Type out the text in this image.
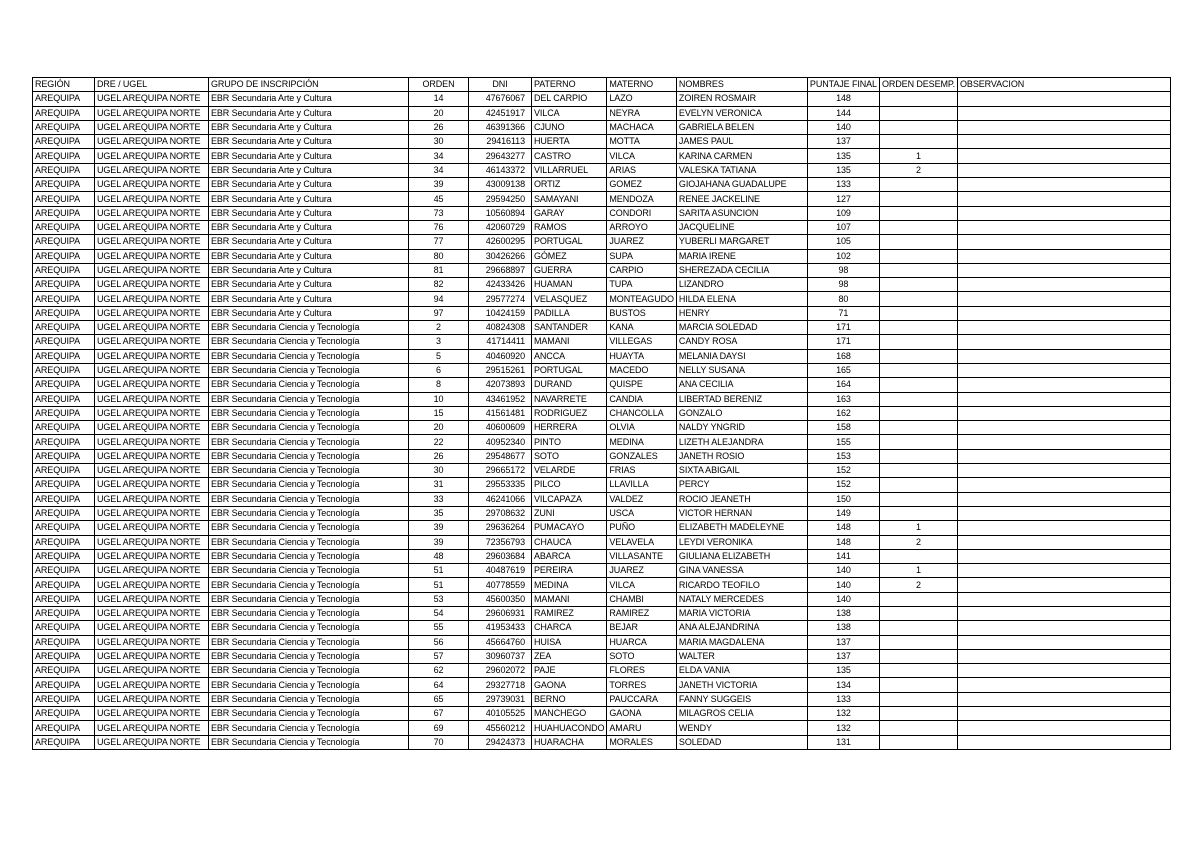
REGIÓN	DRE / UGEL	GRUPO DE INSCRIPCIÓN	ORDEN	DNI	PATERNO	MATERNO	NOMBRES	PUNTAJE FINAL	ORDEN DESEMP.	OBSERVACION
AREQUIPA	UGEL AREQUIPA NORTE	EBR Secundaria Arte y Cultura	14	47676067	DEL CARPIO	LAZO	ZOIREN ROSMAIR	148		
AREQUIPA	UGEL AREQUIPA NORTE	EBR Secundaria Arte y Cultura	20	42451917	VILCA	NEYRA	EVELYN VERONICA	144		
AREQUIPA	UGEL AREQUIPA NORTE	EBR Secundaria Arte y Cultura	26	46391366	CJUNO	MACHACA	GABRIELA BELEN	140		
AREQUIPA	UGEL AREQUIPA NORTE	EBR Secundaria Arte y Cultura	30	29416113	HUERTA	MOTTA	JAMES PAUL	137		
AREQUIPA	UGEL AREQUIPA NORTE	EBR Secundaria Arte y Cultura	34	29643277	CASTRO	VILCA	KARINA CARMEN	135	1	
AREQUIPA	UGEL AREQUIPA NORTE	EBR Secundaria Arte y Cultura	34	46143372	VILLARRUEL	ARIAS	VALESKA TATIANA	135	2	
AREQUIPA	UGEL AREQUIPA NORTE	EBR Secundaria Arte y Cultura	39	43009138	ORTIZ	GOMEZ	GIOJAHANA GUADALUPE	133		
AREQUIPA	UGEL AREQUIPA NORTE	EBR Secundaria Arte y Cultura	45	29594250	SAMAYANI	MENDOZA	RENEE JACKELINE	127		
AREQUIPA	UGEL AREQUIPA NORTE	EBR Secundaria Arte y Cultura	73	10560894	GARAY	CONDORI	SARITA ASUNCION	109		
AREQUIPA	UGEL AREQUIPA NORTE	EBR Secundaria Arte y Cultura	76	42060729	RAMOS	ARROYO	JACQUELINE	107		
AREQUIPA	UGEL AREQUIPA NORTE	EBR Secundaria Arte y Cultura	77	42600295	PORTUGAL	JUAREZ	YUBERLI MARGARET	105		
AREQUIPA	UGEL AREQUIPA NORTE	EBR Secundaria Arte y Cultura	80	30426266	GÓMEZ	SUPA	MARIA IRENE	102		
AREQUIPA	UGEL AREQUIPA NORTE	EBR Secundaria Arte y Cultura	81	29668897	GUERRA	CARPIO	SHEREZADA CECILIA	98		
AREQUIPA	UGEL AREQUIPA NORTE	EBR Secundaria Arte y Cultura	82	42433426	HUAMAN	TUPA	LIZANDRO	98		
AREQUIPA	UGEL AREQUIPA NORTE	EBR Secundaria Arte y Cultura	94	29577274	VELASQUEZ	MONTEAGUDO	HILDA ELENA	80		
AREQUIPA	UGEL AREQUIPA NORTE	EBR Secundaria Arte y Cultura	97	10424159	PADILLA	BUSTOS	HENRY	71		
AREQUIPA	UGEL AREQUIPA NORTE	EBR Secundaria Ciencia y Tecnología	2	40824308	SANTANDER	KANA	MARCIA SOLEDAD	171		
AREQUIPA	UGEL AREQUIPA NORTE	EBR Secundaria Ciencia y Tecnología	3	41714411	MAMANI	VILLEGAS	CANDY ROSA	171		
AREQUIPA	UGEL AREQUIPA NORTE	EBR Secundaria Ciencia y Tecnología	5	40460920	ANCCA	HUAYTA	MELANIA DAYSI	168		
AREQUIPA	UGEL AREQUIPA NORTE	EBR Secundaria Ciencia y Tecnología	6	29515261	PORTUGAL	MACEDO	NELLY SUSANA	165		
AREQUIPA	UGEL AREQUIPA NORTE	EBR Secundaria Ciencia y Tecnología	8	42073893	DURAND	QUISPE	ANA CECILIA	164		
AREQUIPA	UGEL AREQUIPA NORTE	EBR Secundaria Ciencia y Tecnología	10	43461952	NAVARRETE	CANDIA	LIBERTAD BERENIZ	163		
AREQUIPA	UGEL AREQUIPA NORTE	EBR Secundaria Ciencia y Tecnología	15	41561481	RODRIGUEZ	CHANCOLLA	GONZALO	162		
AREQUIPA	UGEL AREQUIPA NORTE	EBR Secundaria Ciencia y Tecnología	20	40600609	HERRERA	OLVIA	NALDY YNGRID	158		
AREQUIPA	UGEL AREQUIPA NORTE	EBR Secundaria Ciencia y Tecnología	22	40952340	PINTO	MEDINA	LIZETH ALEJANDRA	155		
AREQUIPA	UGEL AREQUIPA NORTE	EBR Secundaria Ciencia y Tecnología	26	29548677	SOTO	GONZALES	JANETH ROSIO	153		
AREQUIPA	UGEL AREQUIPA NORTE	EBR Secundaria Ciencia y Tecnología	30	29665172	VELARDE	FRIAS	SIXTA ABIGAIL	152		
AREQUIPA	UGEL AREQUIPA NORTE	EBR Secundaria Ciencia y Tecnología	31	29553335	PILCO	LLAVILLA	PERCY	152		
AREQUIPA	UGEL AREQUIPA NORTE	EBR Secundaria Ciencia y Tecnología	33	46241066	VILCAPAZA	VALDEZ	ROCIO JEANETH	150		
AREQUIPA	UGEL AREQUIPA NORTE	EBR Secundaria Ciencia y Tecnología	35	29708632	ZUNI	USCA	VICTOR HERNAN	149		
AREQUIPA	UGEL AREQUIPA NORTE	EBR Secundaria Ciencia y Tecnología	39	29636264	PUMACAYO	PUÑO	ELIZABETH MADELEYNE	148	1	
AREQUIPA	UGEL AREQUIPA NORTE	EBR Secundaria Ciencia y Tecnología	39	72356793	CHAUCA	VELAVELA	LEYDI VERONIKA	148	2	
AREQUIPA	UGEL AREQUIPA NORTE	EBR Secundaria Ciencia y Tecnología	48	29603684	ABARCA	VILLASANTE	GIULIANA ELIZABETH	141		
AREQUIPA	UGEL AREQUIPA NORTE	EBR Secundaria Ciencia y Tecnología	51	40487619	PEREIRA	JUAREZ	GINA VANESSA	140	1	
AREQUIPA	UGEL AREQUIPA NORTE	EBR Secundaria Ciencia y Tecnología	51	40778559	MEDINA	VILCA	RICARDO TEOFILO	140	2	
AREQUIPA	UGEL AREQUIPA NORTE	EBR Secundaria Ciencia y Tecnología	53	45600350	MAMANI	CHAMBI	NATALY MERCEDES	140		
AREQUIPA	UGEL AREQUIPA NORTE	EBR Secundaria Ciencia y Tecnología	54	29606931	RAMIREZ	RAMIREZ	MARIA VICTORIA	138		
AREQUIPA	UGEL AREQUIPA NORTE	EBR Secundaria Ciencia y Tecnología	55	41953433	CHARCA	BEJAR	ANA ALEJANDRINA	138		
AREQUIPA	UGEL AREQUIPA NORTE	EBR Secundaria Ciencia y Tecnología	56	45664760	HUISA	HUARCA	MARIA MAGDALENA	137		
AREQUIPA	UGEL AREQUIPA NORTE	EBR Secundaria Ciencia y Tecnología	57	30960737	ZEA	SOTO	WALTER	137		
AREQUIPA	UGEL AREQUIPA NORTE	EBR Secundaria Ciencia y Tecnología	62	29602072	PAJE	FLORES	ELDA VANIA	135		
AREQUIPA	UGEL AREQUIPA NORTE	EBR Secundaria Ciencia y Tecnología	64	29327718	GAONA	TORRES	JANETH VICTORIA	134		
AREQUIPA	UGEL AREQUIPA NORTE	EBR Secundaria Ciencia y Tecnología	65	29739031	BERNO	PAUCCARA	FANNY SUGGEIS	133		
AREQUIPA	UGEL AREQUIPA NORTE	EBR Secundaria Ciencia y Tecnología	67	40105525	MANCHEGO	GAONA	MILAGROS CELIA	132		
AREQUIPA	UGEL AREQUIPA NORTE	EBR Secundaria Ciencia y Tecnología	69	45560212	HUAHUACONDO	AMARU	WENDY	132		
AREQUIPA	UGEL AREQUIPA NORTE	EBR Secundaria Ciencia y Tecnología	70	29424373	HUARACHA	MORALES	SOLEDAD	131		
